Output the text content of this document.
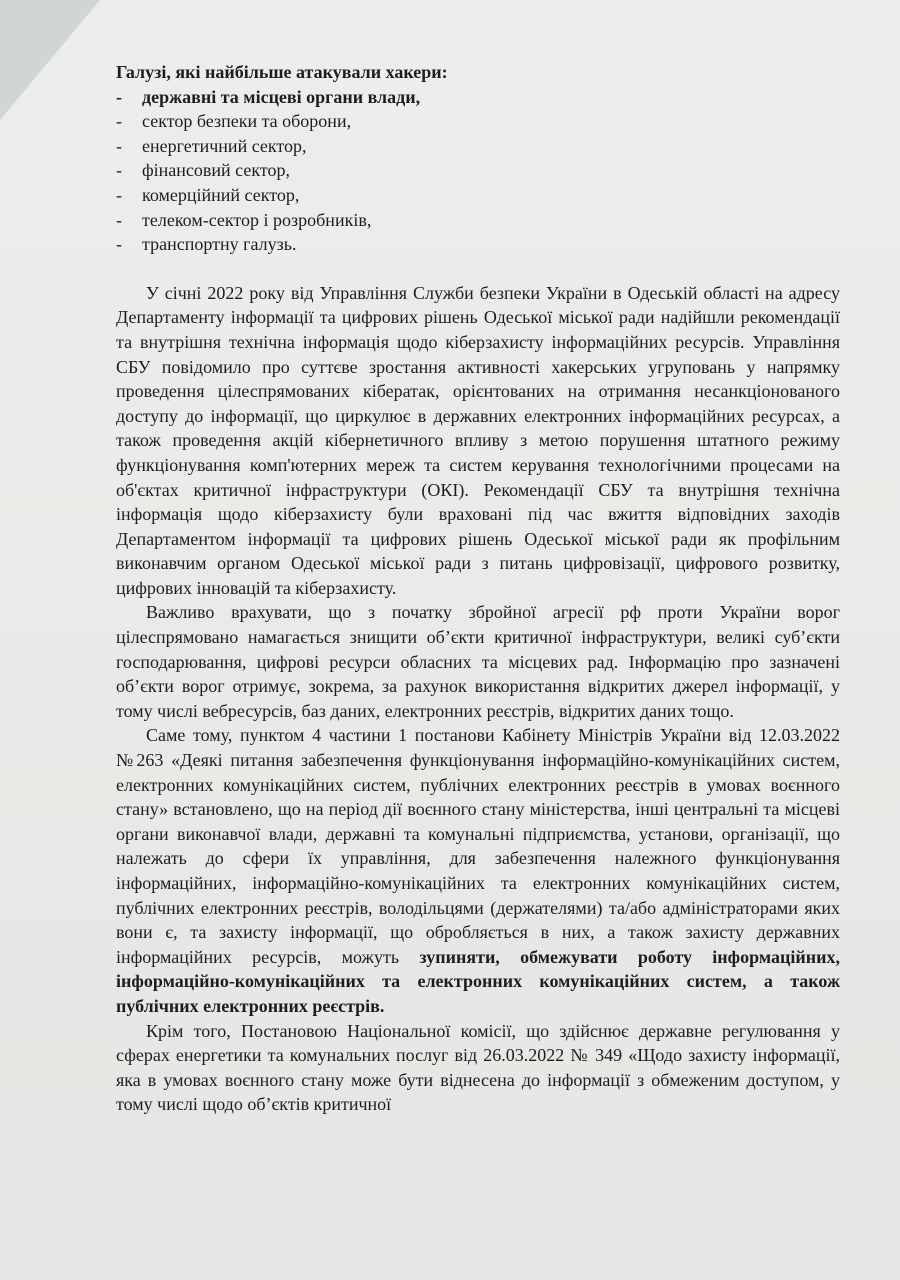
Галузі, які найбільше атакували хакери:

- державні та місцеві органи влади,
- сектор безпеки та оборони,
- енергетичний сектор,
- фінансовий сектор,
- комерційний сектор,
- телеком-сектор і розробників,
- транспортну галузь.

У січні 2022 року від Управління Служби безпеки України в Одеській області на адресу Департаменту інформації та цифрових рішень Одеської міської ради надійшли рекомендації та внутрішня технічна інформація щодо кіберзахисту інформаційних ресурсів. Управління СБУ повідомило про суттєве зростання активності хакерських угруповань у напрямку проведення цілеспрямованих кібератак, орієнтованих на отримання несанкціонованого доступу до інформації, що циркулює в державних електронних інформаційних ресурсах, а також проведення акцій кібернетичного впливу з метою порушення штатного режиму функціонування комп'ютерних мереж та систем керування технологічними процесами на об'єктах критичної інфраструктури (ОКІ). Рекомендації СБУ та внутрішня технічна інформація щодо кіберзахисту були враховані під час вжиття відповідних заходів Департаментом інформації та цифрових рішень Одеської міської ради як профільним виконавчим органом Одеської міської ради з питань цифровізації, цифрового розвитку, цифрових інновацій та кіберзахисту.

Важливо врахувати, що з початку збройної агресії рф проти України ворог цілеспрямовано намагається знищити об’єкти критичної інфраструктури, великі суб’єкти господарювання, цифрові ресурси обласних та місцевих рад. Інформацію про зазначені об’єкти ворог отримує, зокрема, за рахунок використання відкритих джерел інформації, у тому числі вебресурсів, баз даних, електронних реєстрів, відкритих даних тощо.

Саме тому, пунктом 4 частини 1 постанови Кабінету Міністрів України від 12.03.2022 №263 «Деякі питання забезпечення функціонування інформаційно-комунікаційних систем, електронних комунікаційних систем, публічних електронних реєстрів в умовах воєнного стану» встановлено, що на період дії воєнного стану міністерства, інші центральні та місцеві органи виконавчої влади, державні та комунальні підприємства, установи, організації, що належать до сфери їх управління, для забезпечення належного функціонування інформаційних, інформаційно-комунікаційних та електронних комунікаційних систем, публічних електронних реєстрів, володільцями (держателями) та/або адміністраторами яких вони є, та захисту інформації, що обробляється в них, а також захисту державних інформаційних ресурсів, можуть зупиняти, обмежувати роботу інформаційних, інформаційно-комунікаційних та електронних комунікаційних систем, а також публічних електронних реєстрів.

Крім того, Постановою Національної комісії, що здійснює державне регулювання у сферах енергетики та комунальних послуг від 26.03.2022 № 349 «Щодо захисту інформації, яка в умовах воєнного стану може бути віднесена до інформації з обмеженим доступом, у тому числі щодо об’єктів критичної
